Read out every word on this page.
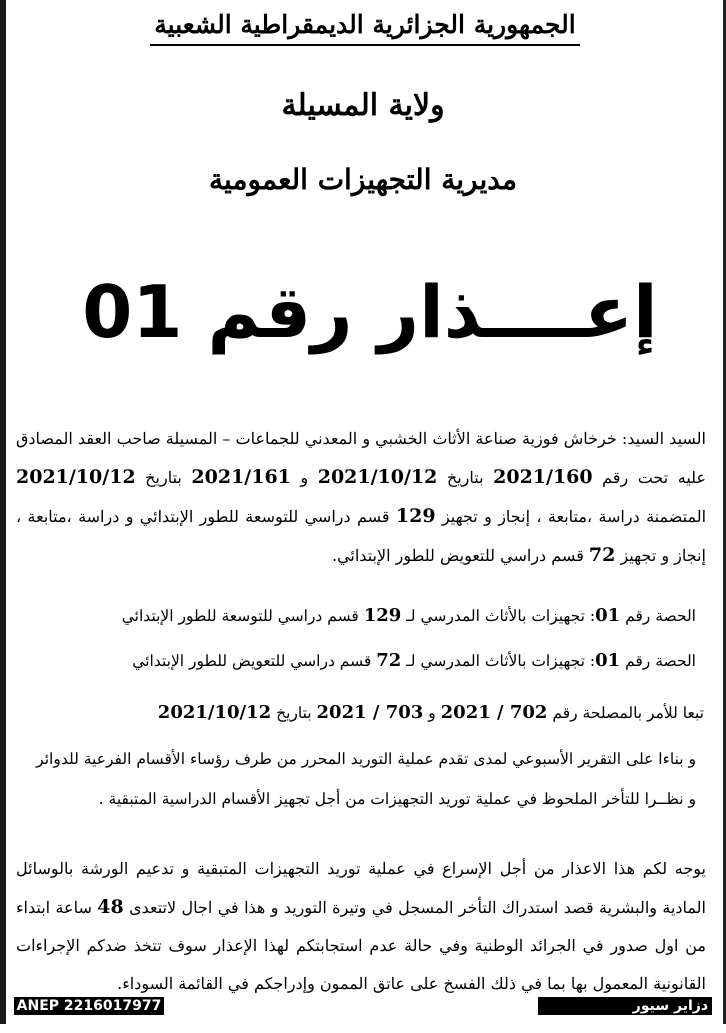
الجمهورية الجزائرية الديمقراطية الشعبية
ولاية المسيلة
مديرية التجهيزات العمومية
إعــــذار رقم 01
السيد السيد: خرخاش فوزية صناعة الأثاث الخشبي و المعدني للجماعات – المسيلة صاحب العقد المصادق عليه تحت رقم 2021/160 بتاريخ 2021/10/12 و 2021/161 بتاريخ 2021/10/12 المتضمنة دراسة ،متابعة ، إنجاز و تجهيز 129 قسم دراسي للتوسعة للطور الإبتدائي و دراسة ،متابعة ، إنجاز و تجهيز 72 قسم دراسي للتعويض للطور الإبتدائي.
الحصة رقم 01: تجهيزات بالأثاث المدرسي لـ 129 قسم دراسي للتوسعة للطور الإبتدائي
الحصة رقم 01: تجهيزات بالأثاث المدرسي لـ 72 قسم دراسي للتعويض للطور الإبتدائي
تبعا للأمر بالمصلحة رقم 702 / 2021 و 703 / 2021 بتاريخ 2021/10/12
و بناءا على التقرير الأسبوعي لمدى تقدم عملية التوريد المحرر من طرف رؤساء الأقسام الفرعية للدوائر
و نظــرا للتأخر الملحوظ في عملية توريد التجهيزات من أجل تجهيز الأقسام الدراسية المتبقية .
يوجه لكم هذا الاعذار من أجل الإسراع في عملية توريد التجهيزات المتبقية و تدعيم الورشة بالوسائل المادية والبشرية قصد استدراك التأخر المسجل في وتيرة التوريد و هذا في اجال لاتتعدى 48 ساعة ابتداء من اول صدور في الجرائد الوطنية وفي حالة عدم استجابتكم لهذا الإعذار سوف تتخذ ضدكم الإجراءات القانونية المعمول بها بما في ذلك الفسخ على عاتق الممون وإدراجكم في القائمة السوداء.
ANEP 2216017977	دزاير سيور 2022/09/18
